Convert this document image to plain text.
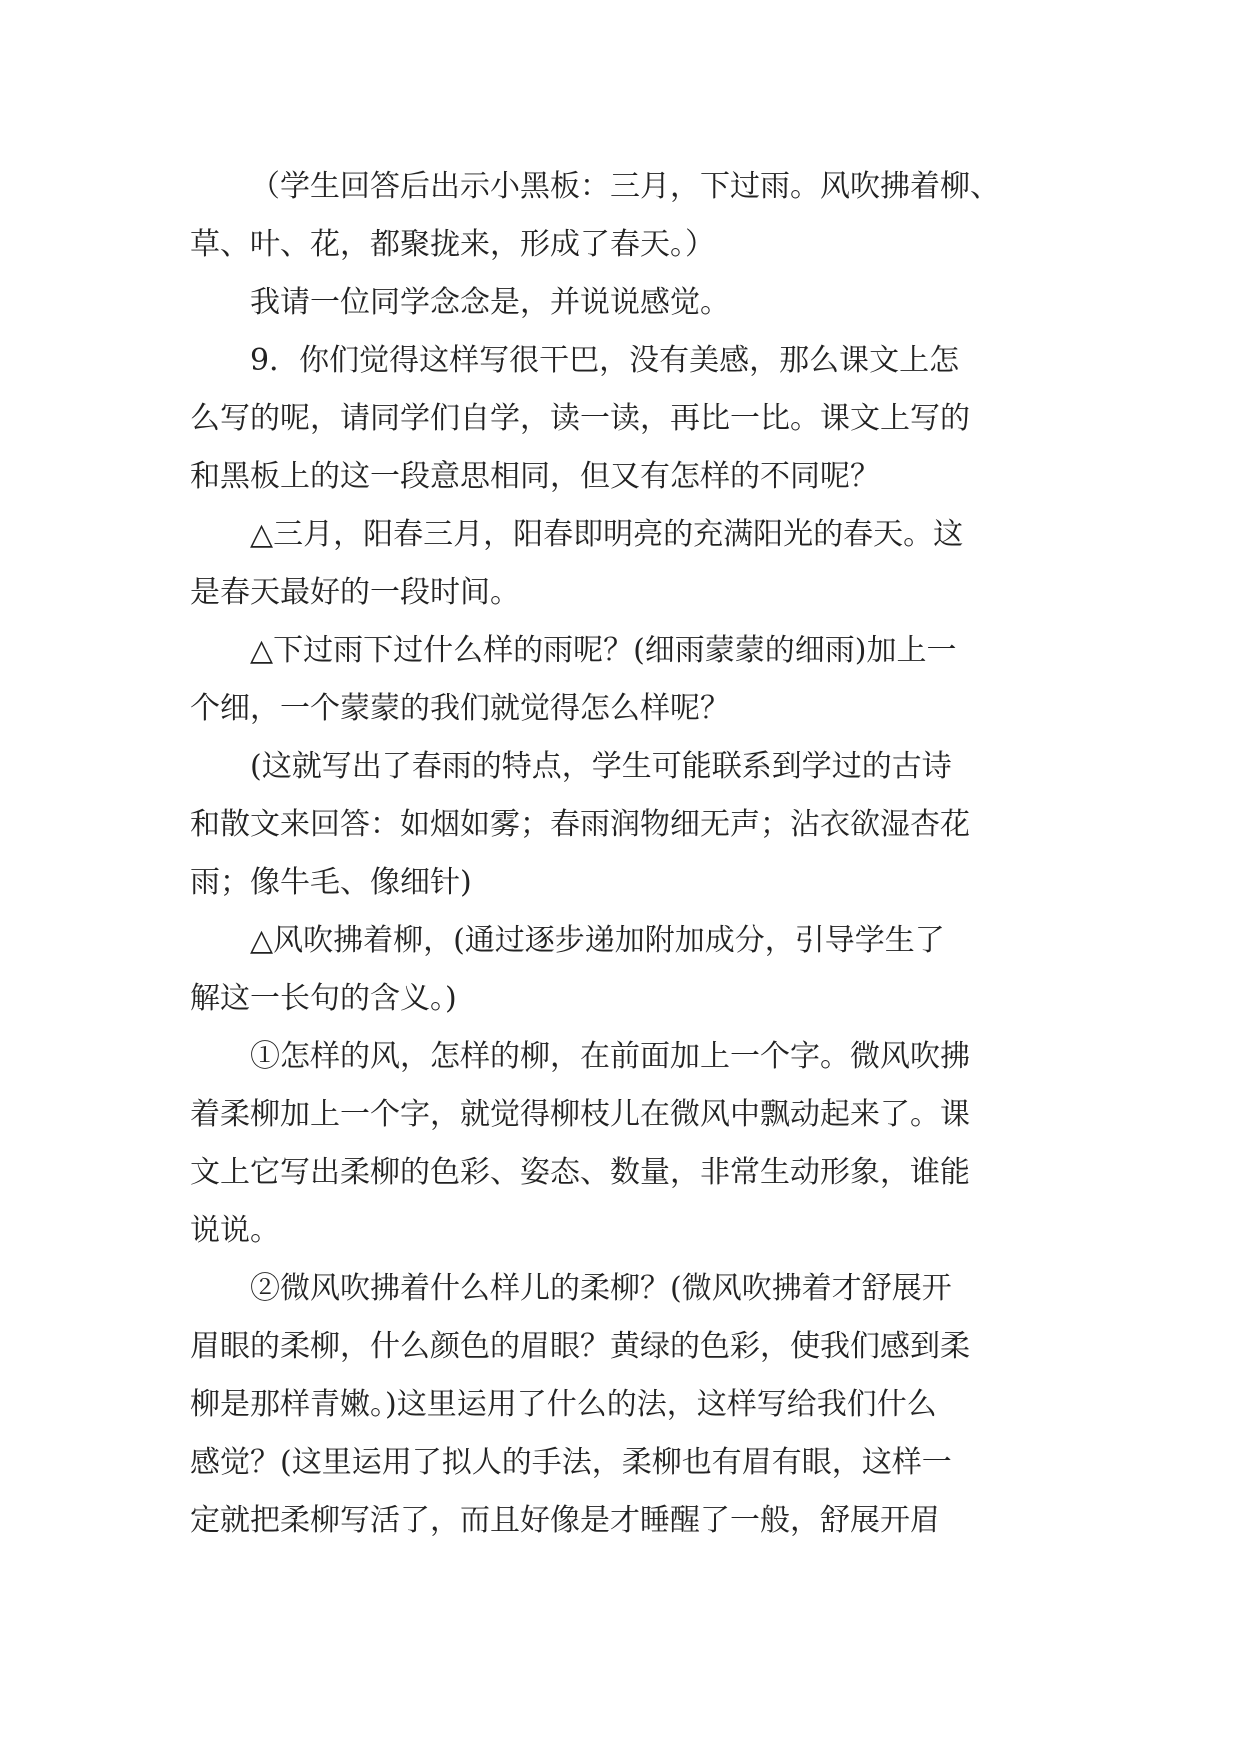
（学生回答后出示小黑板：三月，下过雨。风吹拂着柳、
草、叶、花，都聚拢来，形成了春天。）

我请一位同学念念是，并说说感觉。

9．你们觉得这样写很干巴，没有美感，那么课文上怎
么写的呢，请同学们自学，读一读，再比一比。课文上写的
和黑板上的这一段意思相同，但又有怎样的不同呢？

△三月，阳春三月，阳春即明亮的充满阳光的春天。这
是春天最好的一段时间。

△下过雨下过什么样的雨呢？(细雨蒙蒙的细雨)加上一
个细，一个蒙蒙的我们就觉得怎么样呢？

(这就写出了春雨的特点，学生可能联系到学过的古诗
和散文来回答：如烟如雾；春雨润物细无声；沾衣欲湿杏花
雨；像牛毛、像细针)

△风吹拂着柳，(通过逐步递加附加成分，引导学生了
解这一长句的含义。)

①怎样的风，怎样的柳，在前面加上一个字。微风吹拂
着柔柳加上一个字，就觉得柳枝儿在微风中飘动起来了。课
文上它写出柔柳的色彩、姿态、数量，非常生动形象，谁能
说说。

②微风吹拂着什么样儿的柔柳？(微风吹拂着才舒展开
眉眼的柔柳，什么颜色的眉眼？黄绿的色彩，使我们感到柔
柳是那样青嫩。)这里运用了什么的法，这样写给我们什么
感觉？(这里运用了拟人的手法，柔柳也有眉有眼，这样一
定就把柔柳写活了，而且好像是才睡醒了一般，舒展开眉
